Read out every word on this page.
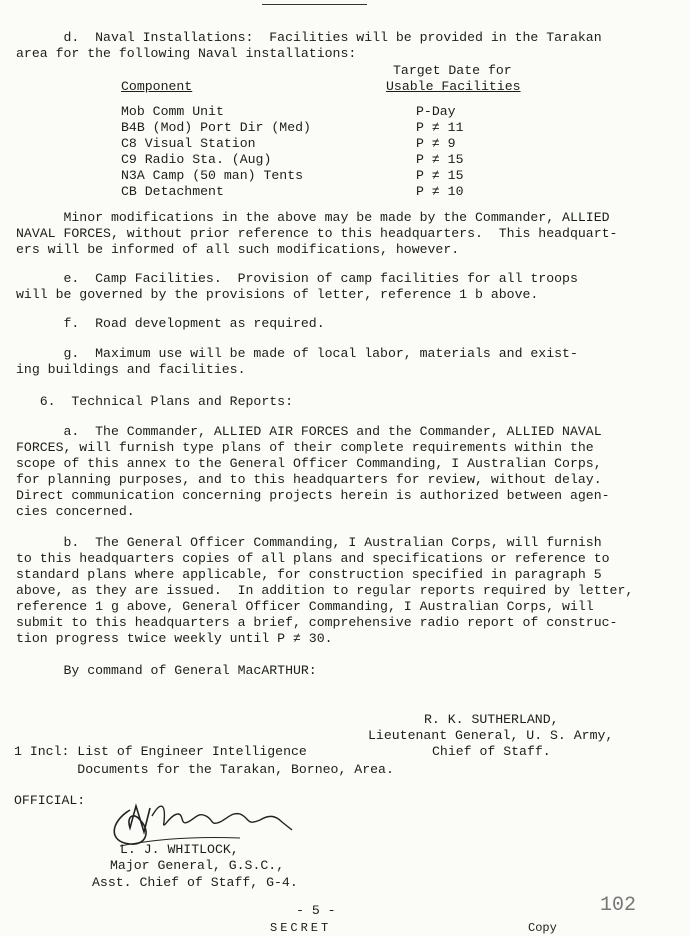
d.  Naval Installations:  Facilities will be provided in the Tarakan
area for the following Naval installations:
Target Date for
Component	Usable Facilities
Mob Comm Unit	P-Day
B4B (Mod) Port Dir (Med)	P ≠ 11
C8 Visual Station	P ≠ 9
C9 Radio Sta. (Aug)	P ≠ 15
N3A Camp (50 man) Tents	P ≠ 15
CB Detachment	P ≠ 10
Minor modifications in the above may be made by the Commander, ALLIED
NAVAL FORCES, without prior reference to this headquarters.  This headquart-
ers will be informed of all such modifications, however.
e.  Camp Facilities.  Provision of camp facilities for all troops
will be governed by the provisions of letter, reference 1 b above.
f.  Road development as required.
g.  Maximum use will be made of local labor, materials and exist-
ing buildings and facilities.
6.  Technical Plans and Reports:
a.  The Commander, ALLIED AIR FORCES and the Commander, ALLIED NAVAL
FORCES, will furnish type plans of their complete requirements within the
scope of this annex to the General Officer Commanding, I Australian Corps,
for planning purposes, and to this headquarters for review, without delay.
Direct communication concerning projects herein is authorized between agen-
cies concerned.
b.  The General Officer Commanding, I Australian Corps, will furnish
to this headquarters copies of all plans and specifications or reference to
standard plans where applicable, for construction specified in paragraph 5
above, as they are issued.  In addition to regular reports required by letter,
reference 1 g above, General Officer Commanding, I Australian Corps, will
submit to this headquarters a brief, comprehensive radio report of construc-
tion progress twice weekly until P ≠ 30.
By command of General MacARTHUR:
R. K. SUTHERLAND,
Lieutenant General, U. S. Army,
Chief of Staff.
1 Incl: List of Engineer Intelligence
Documents for the Tarakan, Borneo, Area.
OFFICIAL:
L. J. WHITLOCK,
Major General, G.S.C.,
Asst. Chief of Staff, G-4.
- 5 -
SECRET
102
Copy
